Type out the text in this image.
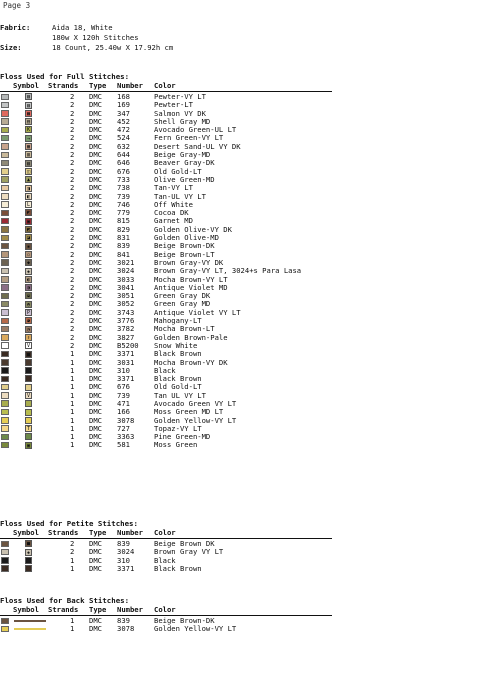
Page 3
Fabric:	Aida 18, White
180w X 120h Stitches
Size:	18 Count, 25.40w X 17.92h cm
Floss Used for Full Stitches:
Symbol Strands Type Number Color
▨	2 DMC 168	Pewter-VY LT
▨	2 DMC 169	Pewter-LT
▩	2 DMC 347	Salmon VY DK
▤	2 DMC 452	Shell Gray MD
K	2 DMC 472	Avocado Green-UL LT
→	2 DMC 524	Fern Green-VY LT
▦	2 DMC 632	Desert Sand-UL VY DK
▥	2 DMC 644	Beige Gray-MD
▧	2 DMC 646	Beaver Gray-DK
◫	2 DMC 676	Old Gold-LT
▲	2 DMC 733	Olive Green-MD
◨	2 DMC 738	Tan-VY LT
◧	2 DMC 739	Tan-UL VY LT
L	2 DMC 746	Off White
◤	2 DMC 779	Cocoa DK
▣	2 DMC 815	Garnet MD
◩	2 DMC 829	Golden Olive-VY DK
◪	2 DMC 831	Golden Olive-MD
▪	2 DMC 839	Beige Brown-DK
▫	2 DMC 841	Beige Brown-LT
◆	2 DMC 3021	Brown Gray-VY DK
◈	2 DMC 3024	Brown Gray-VY LT, 3024+s Para Lasa
◐	2 DMC 3033	Mocha Brown-VY LT
◑	2 DMC 3041	Antique Violet MD
◒	2 DMC 3051	Green Gray DK
◓	2 DMC 3052	Green Gray MD
P	2 DMC 3743	Antique Violet VY LT
◕	2 DMC 3776	Mahogany-LT
◔	2 DMC 3782	Mocha Brown-LT
↑	2 DMC 3827	Golden Brown-Pale
V	2 DMC B5200 Snow White
■	1 DMC 3371	Black Brown
1 DMC 3031	Mocha Brown-VY DK
1 DMC 310	Black
1 DMC 3371	Black Brown
1 DMC 676	Old Gold-LT
V	1 DMC 739	Tan UL VY LT
1 DMC 471	Avocado Green VY LT
1 DMC 166	Moss Green MD LT
1 DMC 3078	Golden Yellow-VY LT
T	1 DMC 727	Topaz-VY LT
1 DMC 3363	Pine Green-MD
▣	1 DMC 581	Moss Green
Floss Used for Petite Stitches:
Symbol Strands Type Number Color
■	2 DMC 839	Beige Brown DK
◈	2 DMC 3024	Brown Gray VY LT
1 DMC 310	Black
1 DMC 3371	Black Brown
Floss Used for Back Stitches:
Symbol Strands Type Number Color
1 DMC 839	Beige Brown-DK
1 DMC 3078	Golden Yellow-VY LT
